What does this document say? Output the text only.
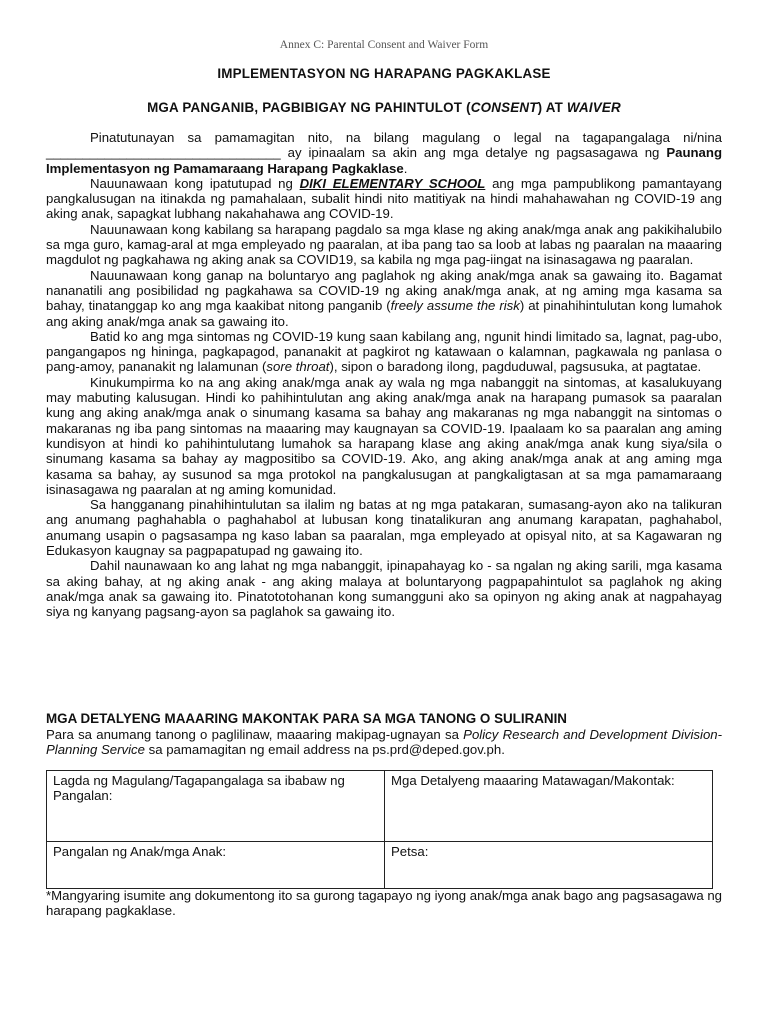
Annex C: Parental Consent and Waiver Form
IMPLEMENTASYON NG HARAPANG PAGKAKLASE
MGA PANGANIB, PAGBIBIGAY NG PAHINTULOT (CONSENT) AT WAIVER

Pinatutunayan sa pamamagitan nito, na bilang magulang o legal na tagapangalaga ni/nina ________________________________ ay ipinaalam sa akin ang mga detalye ng pagsasagawa ng Paunang Implementasyon ng Pamamaraang Harapang Pagkaklase.

Nauunawaan kong ipatutupad ng DIKI ELEMENTARY SCHOOL ang mga pampublikong pamantayang pangkalusugan na itinakda ng pamahalaan, subalit hindi nito matitiyak na hindi mahahawahan ng COVID-19 ang aking anak, sapagkat lubhang nakahahawa ang COVID-19.

Nauunawaan kong kabilang sa harapang pagdalo sa mga klase ng aking anak/mga anak ang pakikihalubilo sa mga guro, kamag-aral at mga empleyado ng paaralan, at iba pang tao sa loob at labas ng paaralan na maaaring magdulot ng pagkahawa ng aking anak sa COVID19, sa kabila ng mga pag-iingat na isinasagawa ng paaralan.

Nauunawaan kong ganap na boluntaryo ang paglahok ng aking anak/mga anak sa gawaing ito. Bagamat nananatili ang posibilidad ng pagkahawa sa COVID-19 ng aking anak/mga anak, at ng aming mga kasama sa bahay, tinatanggap ko ang mga kaakibat nitong panganib (freely assume the risk) at pinahihintulutan kong lumahok ang aking anak/mga anak sa gawaing ito.

Batid ko ang mga sintomas ng COVID-19 kung saan kabilang ang, ngunit hindi limitado sa, lagnat, pag-ubo, pangangapos ng hininga, pagkapagod, pananakit at pagkirot ng katawaan o kalamnan, pagkawala ng panlasa o pang-amoy, pananakit ng lalamunan (sore throat), sipon o baradong ilong, pagduduwal, pagsusuka, at pagtatae.

Kinukumpirma ko na ang aking anak/mga anak ay wala ng mga nabanggit na sintomas, at kasalukuyang may mabuting kalusugan. Hindi ko pahihintulutan ang aking anak/mga anak na harapang pumasok sa paaralan kung ang aking anak/mga anak o sinumang kasama sa bahay ang makaranas ng mga nabanggit na sintomas o makaranas ng iba pang sintomas na maaaring may kaugnayan sa COVID-19. Ipaalaam ko sa paaralan ang aming kundisyon at hindi ko pahihintulutang lumahok sa harapang klase ang aking anak/mga anak kung siya/sila o sinumang kasama sa bahay ay magpositibo sa COVID-19. Ako, ang aking anak/mga anak at ang aming mga kasama sa bahay, ay susunod sa mga protokol na pangkalusugan at pangkaligtasan at sa mga pamamaraang isinasagawa ng paaralan at ng aming komunidad.

Sa hangganang pinahihintulutan sa ilalim ng batas at ng mga patakaran, sumasang-ayon ako na talikuran ang anumang paghahabla o paghahabol at lubusan kong tinatalikuran ang anumang karapatan, paghahabol, anumang usapin o pagsasampa ng kaso laban sa paaralan, mga empleyado at opisyal nito, at sa Kagawaran ng Edukasyon kaugnay sa pagpapatupad ng gawaing ito.

Dahil naunawaan ko ang lahat ng mga nabanggit, ipinapahayag ko - sa ngalan ng aking sarili, mga kasama sa aking bahay, at ng aking anak - ang aking malaya at boluntaryong pagpapahintulot sa paglahok ng aking anak/mga anak sa gawaing ito. Pinatototohanan kong sumangguni ako sa opinyon ng aking anak at nagpahayag siya ng kanyang pagsang-ayon sa paglahok sa gawaing ito.

MGA DETALYENG MAAARING MAKONTAK PARA SA MGA TANONG O SULIRANIN
Para sa anumang tanong o paglilinaw, maaaring makipag-ugnayan sa Policy Research and Development Division-Planning Service sa pamamagitan ng email address na ps.prd@deped.gov.ph.
Lagda ng Magulang/Tagapangalaga sa ibabaw ng Pangalan:	Mga Detalyeng maaaring Matawagan/Makontak:
Pangalan ng Anak/mga Anak:	Petsa:
*Mangyaring isumite ang dokumentong ito sa gurong tagapayo ng iyong anak/mga anak bago ang pagsasagawa ng harapang pagkaklase.
